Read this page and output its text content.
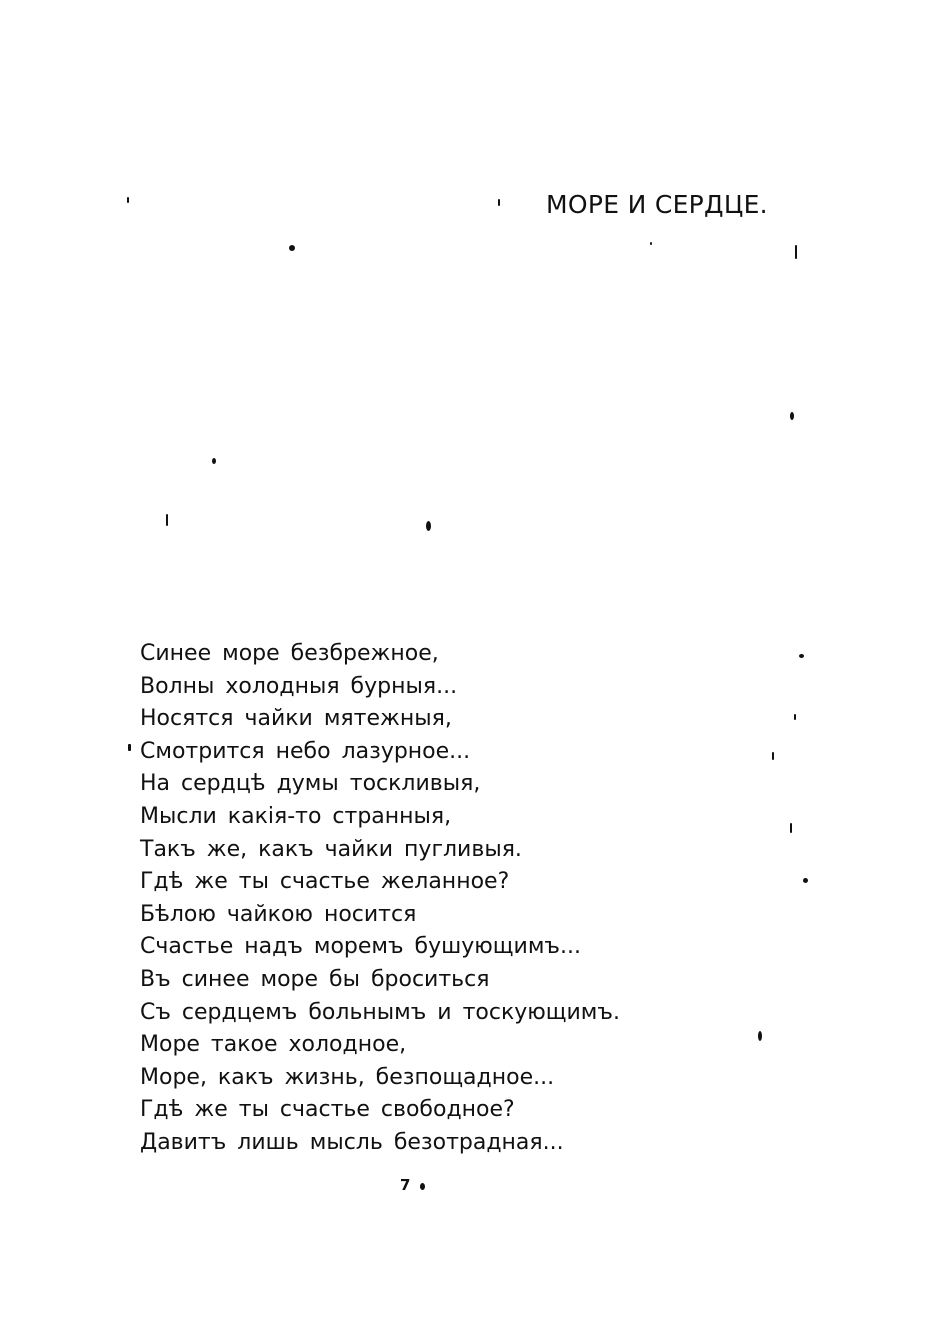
МОРЕ И СЕРДЦЕ.
Синее море безбрежное,
Волны холодныя бурныя...
Носятся чайки мятежныя,
Смотрится небо лазурное...
На сердцѣ думы тоскливыя,
Мысли какія-то странныя,
Такъ же, какъ чайки пугливыя.
Гдѣ же ты счастье желанное?
Бѣлою чайкою носится
Счастье надъ моремъ бушующимъ...
Въ синее море бы броситься
Съ сердцемъ больнымъ и тоскующимъ.
Море такое холодное,
Море, какъ жизнь, безпощадное...
Гдѣ же ты счастье свободное?
Давитъ лишь мысль безотрадная...
7
